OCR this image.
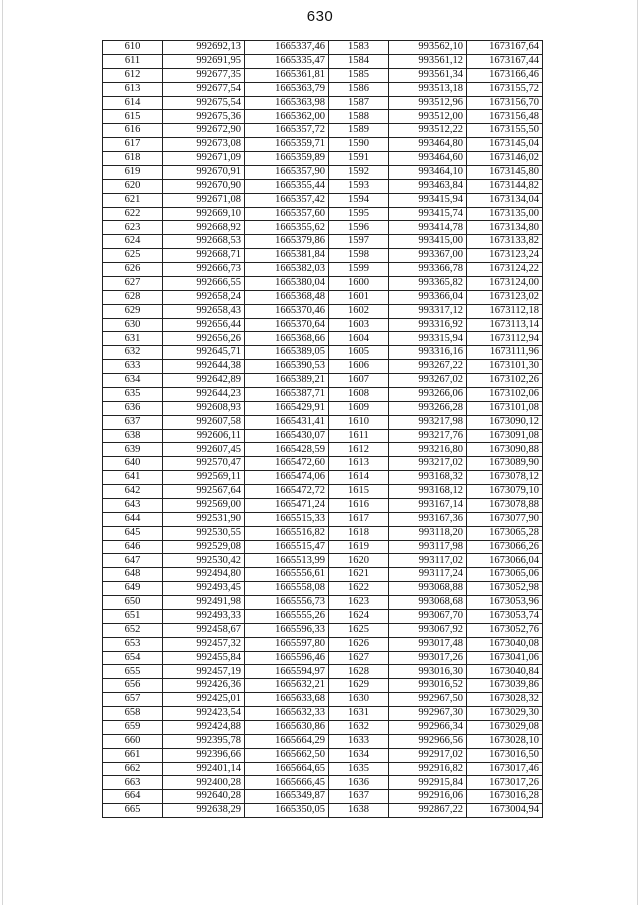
630
610	992692,13	1665337,46	1583	993562,10	1673167,64
611	992691,95	1665335,47	1584	993561,12	1673167,44
612	992677,35	1665361,81	1585	993561,34	1673166,46
613	992677,54	1665363,79	1586	993513,18	1673155,72
614	992675,54	1665363,98	1587	993512,96	1673156,70
615	992675,36	1665362,00	1588	993512,00	1673156,48
616	992672,90	1665357,72	1589	993512,22	1673155,50
617	992673,08	1665359,71	1590	993464,80	1673145,04
618	992671,09	1665359,89	1591	993464,60	1673146,02
619	992670,91	1665357,90	1592	993464,10	1673145,80
620	992670,90	1665355,44	1593	993463,84	1673144,82
621	992671,08	1665357,42	1594	993415,94	1673134,04
622	992669,10	1665357,60	1595	993415,74	1673135,00
623	992668,92	1665355,62	1596	993414,78	1673134,80
624	992668,53	1665379,86	1597	993415,00	1673133,82
625	992668,71	1665381,84	1598	993367,00	1673123,24
626	992666,73	1665382,03	1599	993366,78	1673124,22
627	992666,55	1665380,04	1600	993365,82	1673124,00
628	992658,24	1665368,48	1601	993366,04	1673123,02
629	992658,43	1665370,46	1602	993317,12	1673112,18
630	992656,44	1665370,64	1603	993316,92	1673113,14
631	992656,26	1665368,66	1604	993315,94	1673112,94
632	992645,71	1665389,05	1605	993316,16	1673111,96
633	992644,38	1665390,53	1606	993267,22	1673101,30
634	992642,89	1665389,21	1607	993267,02	1673102,26
635	992644,23	1665387,71	1608	993266,06	1673102,06
636	992608,93	1665429,91	1609	993266,28	1673101,08
637	992607,58	1665431,41	1610	993217,98	1673090,12
638	992606,11	1665430,07	1611	993217,76	1673091,08
639	992607,45	1665428,59	1612	993216,80	1673090,88
640	992570,47	1665472,60	1613	993217,02	1673089,90
641	992569,11	1665474,06	1614	993168,32	1673078,12
642	992567,64	1665472,72	1615	993168,12	1673079,10
643	992569,00	1665471,24	1616	993167,14	1673078,88
644	992531,90	1665515,33	1617	993167,36	1673077,90
645	992530,55	1665516,82	1618	993118,20	1673065,28
646	992529,08	1665515,47	1619	993117,98	1673066,26
647	992530,42	1665513,99	1620	993117,02	1673066,04
648	992494,80	1665556,61	1621	993117,24	1673065,06
649	992493,45	1665558,08	1622	993068,88	1673052,98
650	992491,98	1665556,73	1623	993068,68	1673053,96
651	992493,33	1665555,26	1624	993067,70	1673053,74
652	992458,67	1665596,33	1625	993067,92	1673052,76
653	992457,32	1665597,80	1626	993017,48	1673040,08
654	992455,84	1665596,46	1627	993017,26	1673041,06
655	992457,19	1665594,97	1628	993016,30	1673040,84
656	992426,36	1665632,21	1629	993016,52	1673039,86
657	992425,01	1665633,68	1630	992967,50	1673028,32
658	992423,54	1665632,33	1631	992967,30	1673029,30
659	992424,88	1665630,86	1632	992966,34	1673029,08
660	992395,78	1665664,29	1633	992966,56	1673028,10
661	992396,66	1665662,50	1634	992917,02	1673016,50
662	992401,14	1665664,65	1635	992916,82	1673017,46
663	992400,28	1665666,45	1636	992915,84	1673017,26
664	992640,28	1665349,87	1637	992916,06	1673016,28
665	992638,29	1665350,05	1638	992867,22	1673004,94
